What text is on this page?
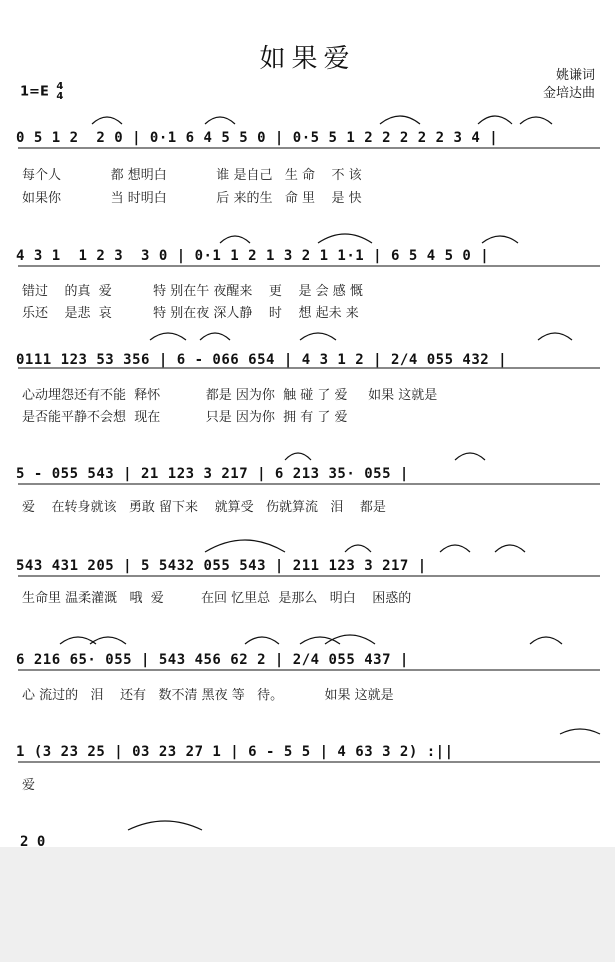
如果爱
姚谦词
金培达曲
1=E 4
4
0 5 1 2  2 0 | 0·1 6 4 5 5 0 | 0·5 5 1 2 2 2 2 2 3 4 |
每个人            都 想明白            谁 是自己   生 命    不 该
如果你            当 时明白            后 来的生   命 里    是 快
4 3 1  1 2 3  3 0 | 0·1 1 2 1 3 2 1 1·1 | 6 5 4 5 0 |
错过    的真  爱          特 别在午 夜醒来    更    是 会 感 慨
乐还    是悲  哀          特 别在夜 深人静    时    想 起未 来
0111 123 53 356 | 6 - 066 654 | 4 3 1 2 | 2/4 055 432 |
心动埋怨还有不能  释怀           都是 因为你  触 碰 了 爱     如果 这就是
是否能平静不会想  现在           只是 因为你  拥 有 了 爱
5 - 055 543 | 21 123 3 217 | 6 213 35· 055 |
爱    在转身就该   勇敢 留下来    就算受   伤就算流   泪    都是
543 431 205 | 5 5432 055 543 | 211 123 3 217 |
生命里 温柔灌溉   哦  爱         在回 忆里总  是那么   明白    困惑的
6 216 65· 055 | 543 456 62 2 | 2/4 055 437 |
心 流过的   泪    还有   数不清 黑夜 等   待。          如果 这就是
1 (3 23 25 | 03 23 27 1 | 6 - 5 5 | 4 63 3 2) :||
爱
2 0
